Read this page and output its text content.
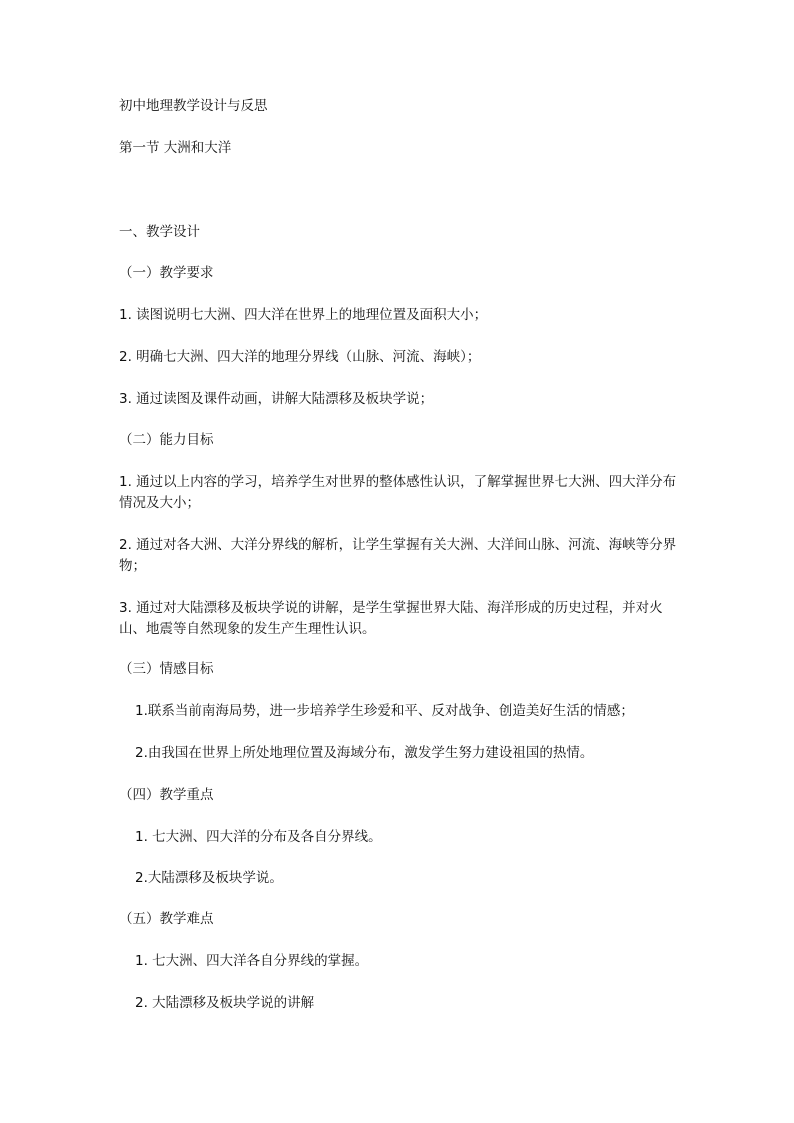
初中地理教学设计与反思
第一节 大洲和大洋
一、教学设计
（一）教学要求
1. 读图说明七大洲、四大洋在世界上的地理位置及面积大小；
2. 明确七大洲、四大洋的地理分界线（山脉、河流、海峡）；
3. 通过读图及课件动画，讲解大陆漂移及板块学说；
（二）能力目标
1. 通过以上内容的学习，培养学生对世界的整体感性认识，了解掌握世界七大洲、四大洋分布情况及大小；
2. 通过对各大洲、大洋分界线的解析，让学生掌握有关大洲、大洋间山脉、河流、海峡等分界物；
3. 通过对大陆漂移及板块学说的讲解，是学生掌握世界大陆、海洋形成的历史过程，并对火山、地震等自然现象的发生产生理性认识。
（三）情感目标
1.联系当前南海局势，进一步培养学生珍爱和平、反对战争、创造美好生活的情感；
2.由我国在世界上所处地理位置及海域分布，激发学生努力建设祖国的热情。
（四）教学重点
1. 七大洲、四大洋的分布及各自分界线。
2.大陆漂移及板块学说。
（五）教学难点
1. 七大洲、四大洋各自分界线的掌握。
2. 大陆漂移及板块学说的讲解
